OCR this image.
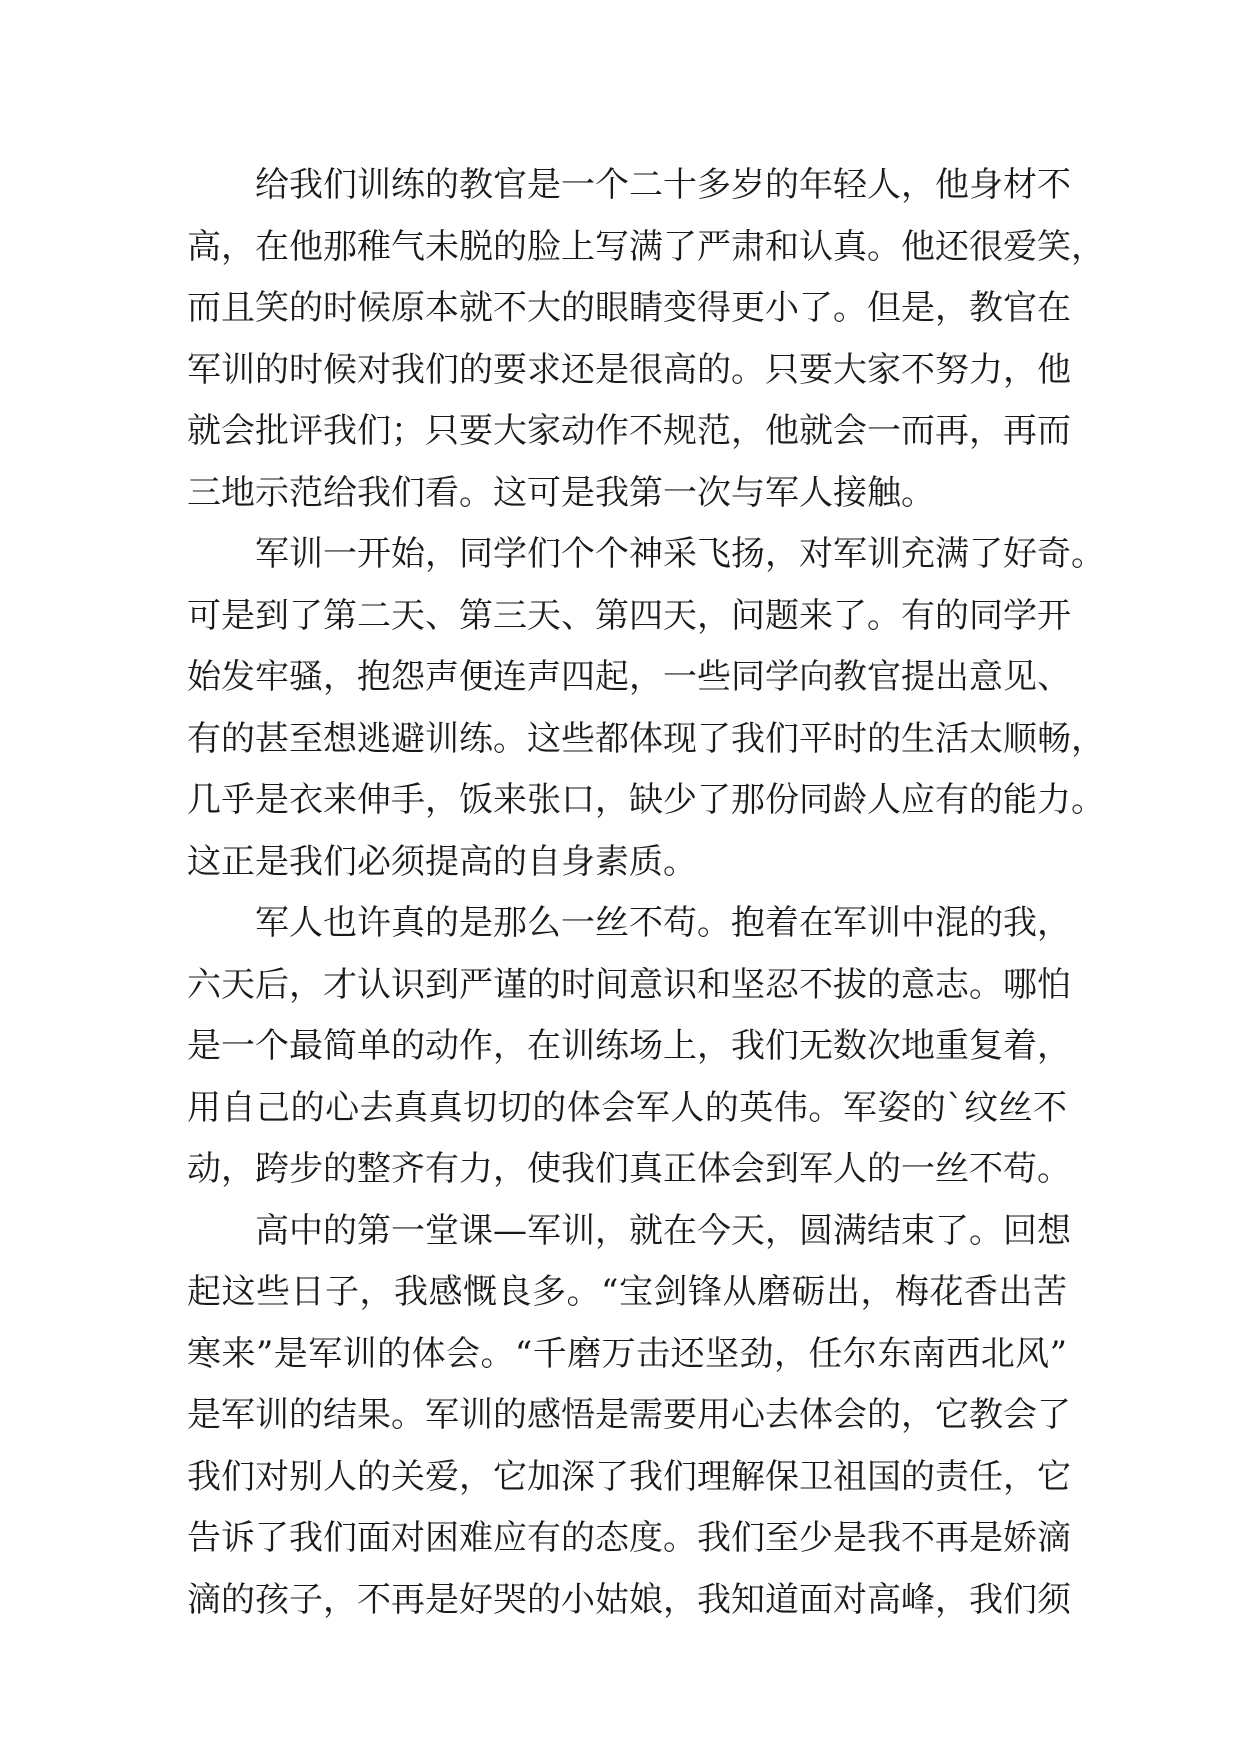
给我们训练的教官是一个二十多岁的年轻人，他身材不
高，在他那稚气未脱的脸上写满了严肃和认真。他还很爱笑，
而且笑的时候原本就不大的眼睛变得更小了。但是，教官在
军训的时候对我们的要求还是很高的。只要大家不努力，他
就会批评我们；只要大家动作不规范，他就会一而再，再而
三地示范给我们看。这可是我第一次与军人接触。
军训一开始，同学们个个神采飞扬，对军训充满了好奇。
可是到了第二天、第三天、第四天，问题来了。有的同学开
始发牢骚，抱怨声便连声四起，一些同学向教官提出意见、
有的甚至想逃避训练。这些都体现了我们平时的生活太顺畅，
几乎是衣来伸手，饭来张口，缺少了那份同龄人应有的能力。
这正是我们必须提高的自身素质。
军人也许真的是那么一丝不苟。抱着在军训中混的我，
六天后，才认识到严谨的时间意识和坚忍不拔的意志。哪怕
是一个最简单的动作，在训练场上，我们无数次地重复着，
用自己的心去真真切切的体会军人的英伟。军姿的`纹丝不
动，跨步的整齐有力，使我们真正体会到军人的一丝不苟。
高中的第一堂课—军训，就在今天，圆满结束了。回想
起这些日子，我感慨良多。“宝剑锋从磨砺出，梅花香出苦
寒来”是军训的体会。“千磨万击还坚劲，任尔东南西北风”
是军训的结果。军训的感悟是需要用心去体会的，它教会了
我们对别人的关爱，它加深了我们理解保卫祖国的责任，它
告诉了我们面对困难应有的态度。我们至少是我不再是娇滴
滴的孩子，不再是好哭的小姑娘，我知道面对高峰，我们须
